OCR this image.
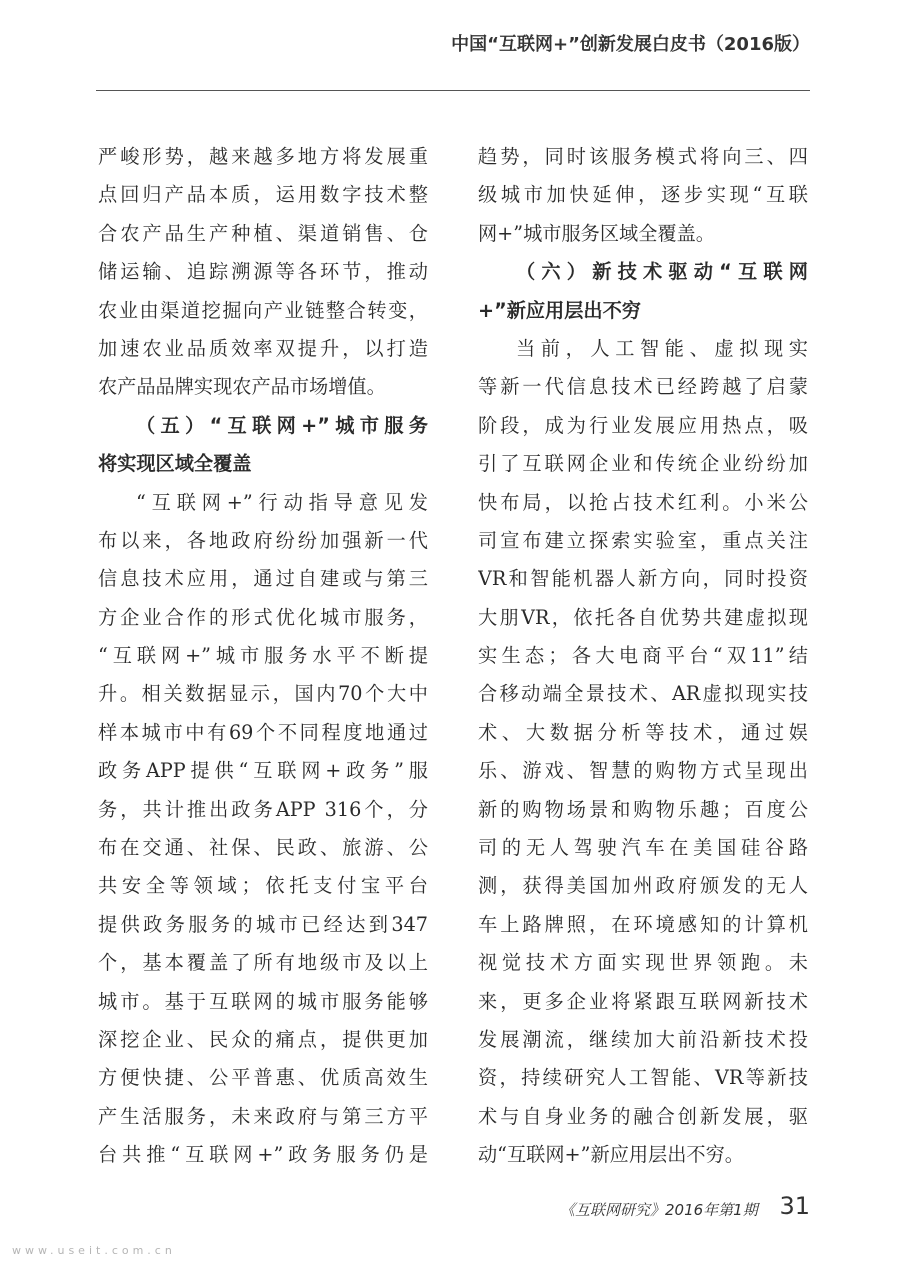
中国“互联网+”创新发展白皮书（2016版）
严峻形势，越来越多地方将发展重
点回归产品本质，运用数字技术整
合农产品生产种植、渠道销售、仓
储运输、追踪溯源等各环节，推动
农业由渠道挖掘向产业链整合转变，
加速农业品质效率双提升，以打造
农产品品牌实现农产品市场增值。
（五）“互联网+”城市服务
将实现区域全覆盖
“互联网+”行动指导意见发
布以来，各地政府纷纷加强新一代
信息技术应用，通过自建或与第三
方企业合作的形式优化城市服务，
“互联网+”城市服务水平不断提
升。相关数据显示，国内70个大中
样本城市中有69个不同程度地通过
政务APP提供“互联网+政务”服
务，共计推出政务APP 316个，分
布在交通、社保、民政、旅游、公
共安全等领域；依托支付宝平台
提供政务服务的城市已经达到347
个，基本覆盖了所有地级市及以上
城市。基于互联网的城市服务能够
深挖企业、民众的痛点，提供更加
方便快捷、公平普惠、优质高效生
产生活服务，未来政府与第三方平
台共推“互联网+”政务服务仍是
趋势，同时该服务模式将向三、四
级城市加快延伸，逐步实现“互联
网+”城市服务区域全覆盖。
（六）新技术驱动“互联网
+”新应用层出不穷
当前，人工智能、虚拟现实
等新一代信息技术已经跨越了启蒙
阶段，成为行业发展应用热点，吸
引了互联网企业和传统企业纷纷加
快布局，以抢占技术红利。小米公
司宣布建立探索实验室，重点关注
VR和智能机器人新方向，同时投资
大朋VR，依托各自优势共建虚拟现
实生态；各大电商平台“双11”结
合移动端全景技术、AR虚拟现实技
术、大数据分析等技术，通过娱
乐、游戏、智慧的购物方式呈现出
新的购物场景和购物乐趣；百度公
司的无人驾驶汽车在美国硅谷路
测，获得美国加州政府颁发的无人
车上路牌照，在环境感知的计算机
视觉技术方面实现世界领跑。未
来，更多企业将紧跟互联网新技术
发展潮流，继续加大前沿新技术投
资，持续研究人工智能、VR等新技
术与自身业务的融合创新发展，驱
动“互联网+”新应用层出不穷。
《互联网研究》2016年第1期 31
www.useit.com.cn
